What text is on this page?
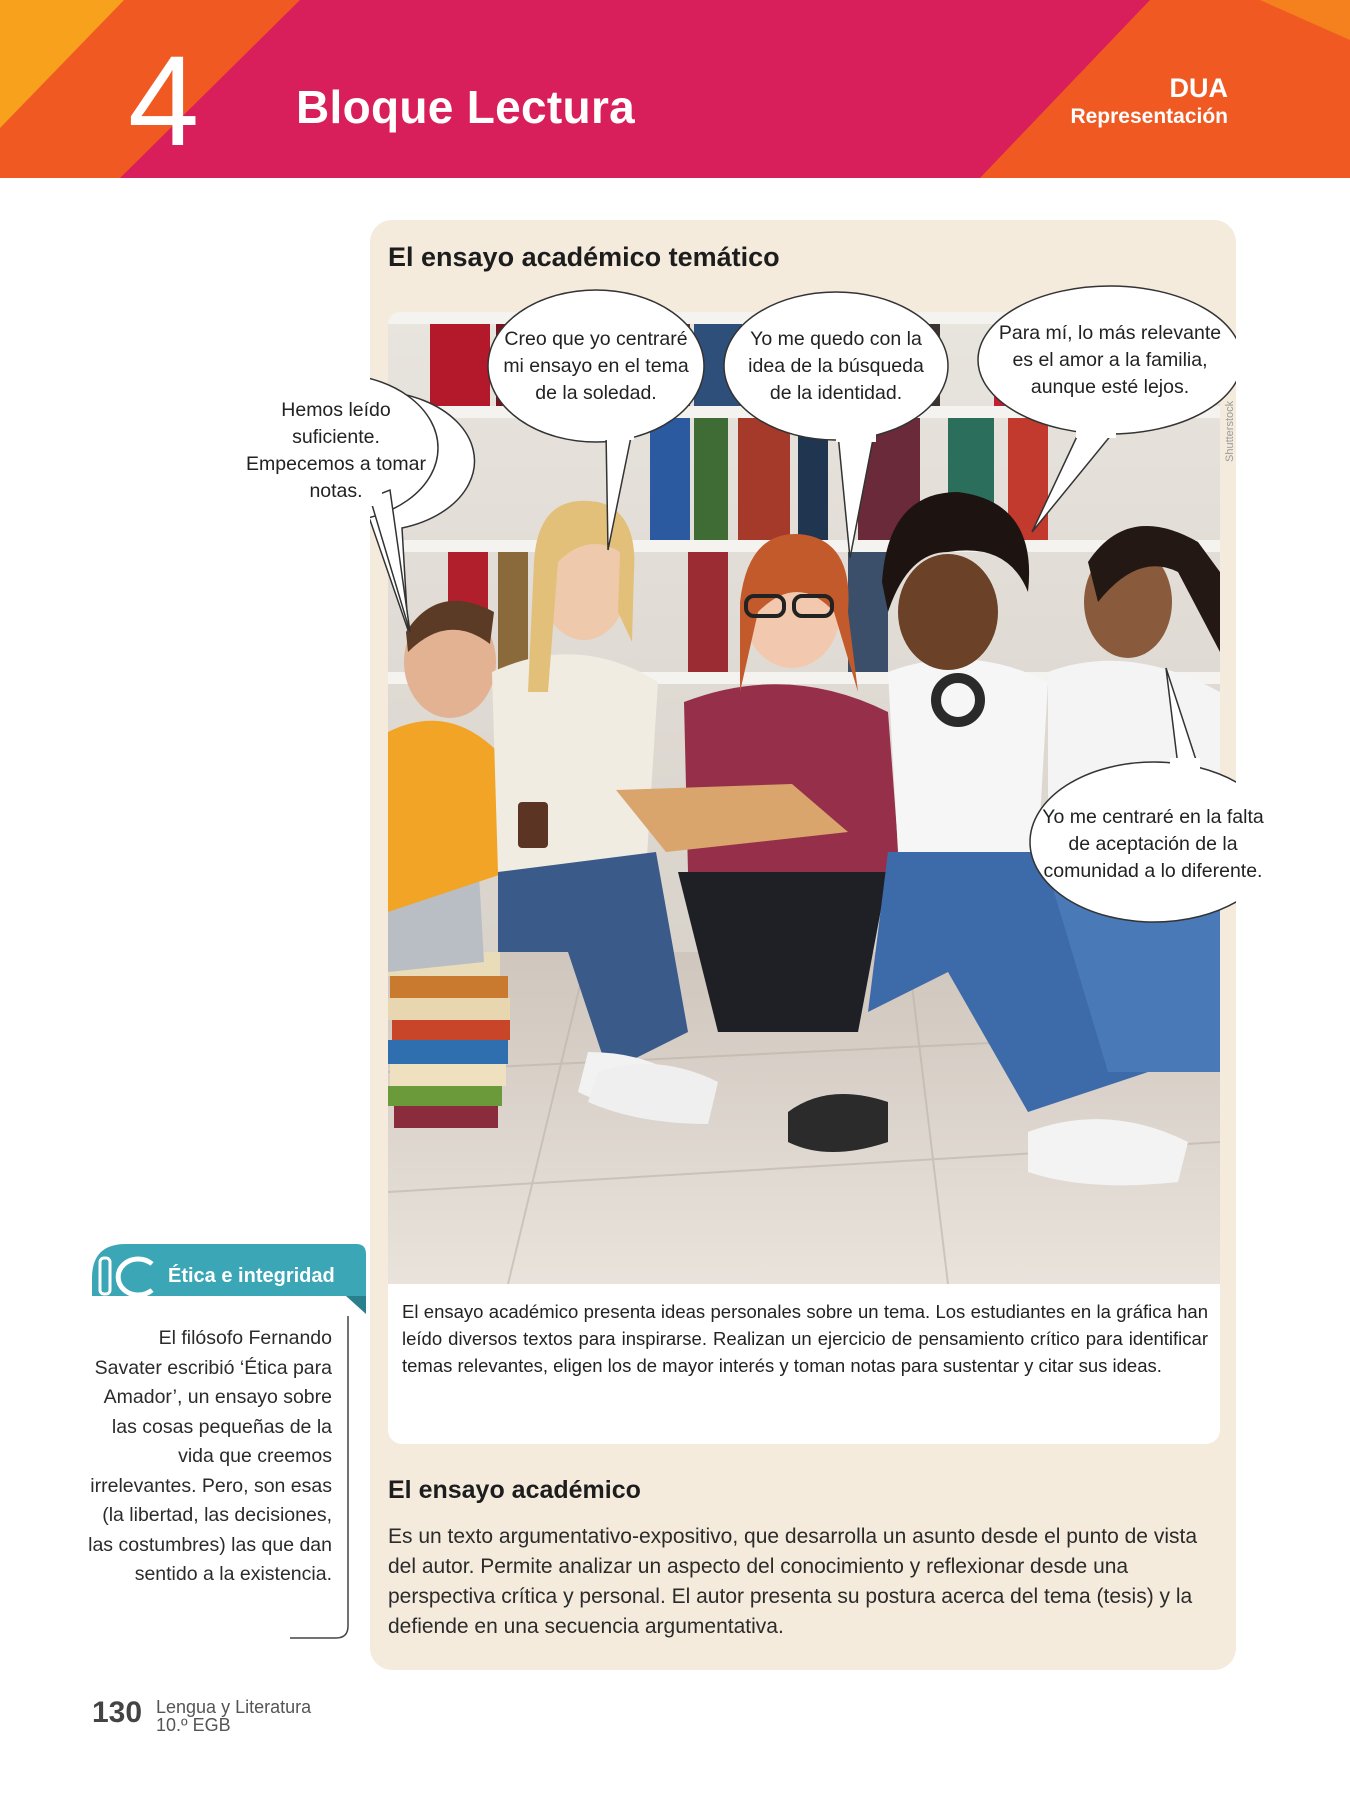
4 Bloque Lectura	DUA
Representación
El ensayo académico temático
Shutterstock
Hemos leído suficiente. Empecemos a tomar notas.
Creo que yo centraré mi ensayo en el tema de la soledad.
Yo me quedo con la idea de la búsqueda de la identidad.
Para mí, lo más relevante es el amor a la familia, aunque esté lejos.
Yo me centraré en la falta de aceptación de la comunidad a lo diferente.

El ensayo académico presenta ideas personales sobre un tema. Los estudiantes en la gráfica han leído diversos textos para inspirarse. Realizan un ejercicio de pensamiento crítico para identificar temas relevantes, eligen los de mayor interés y toman notas para sustentar y citar sus ideas.

El ensayo académico

Es un texto argumentativo-expositivo, que desarrolla un asunto desde el punto de vista del autor. Permite analizar un aspecto del conocimiento y reflexionar desde una perspectiva crítica y personal. El autor presenta su postura acerca del tema (tesis) y la defiende en una secuencia argumentativa.

Ética e integridad

El filósofo Fernando Savater escribió ‘Ética para Amador’, un ensayo sobre las cosas pequeñas de la vida que creemos irrelevantes. Pero, son esas (la libertad, las decisiones, las costumbres) las que dan sentido a la existencia.

130 Lengua y Literatura
10.º EGB
